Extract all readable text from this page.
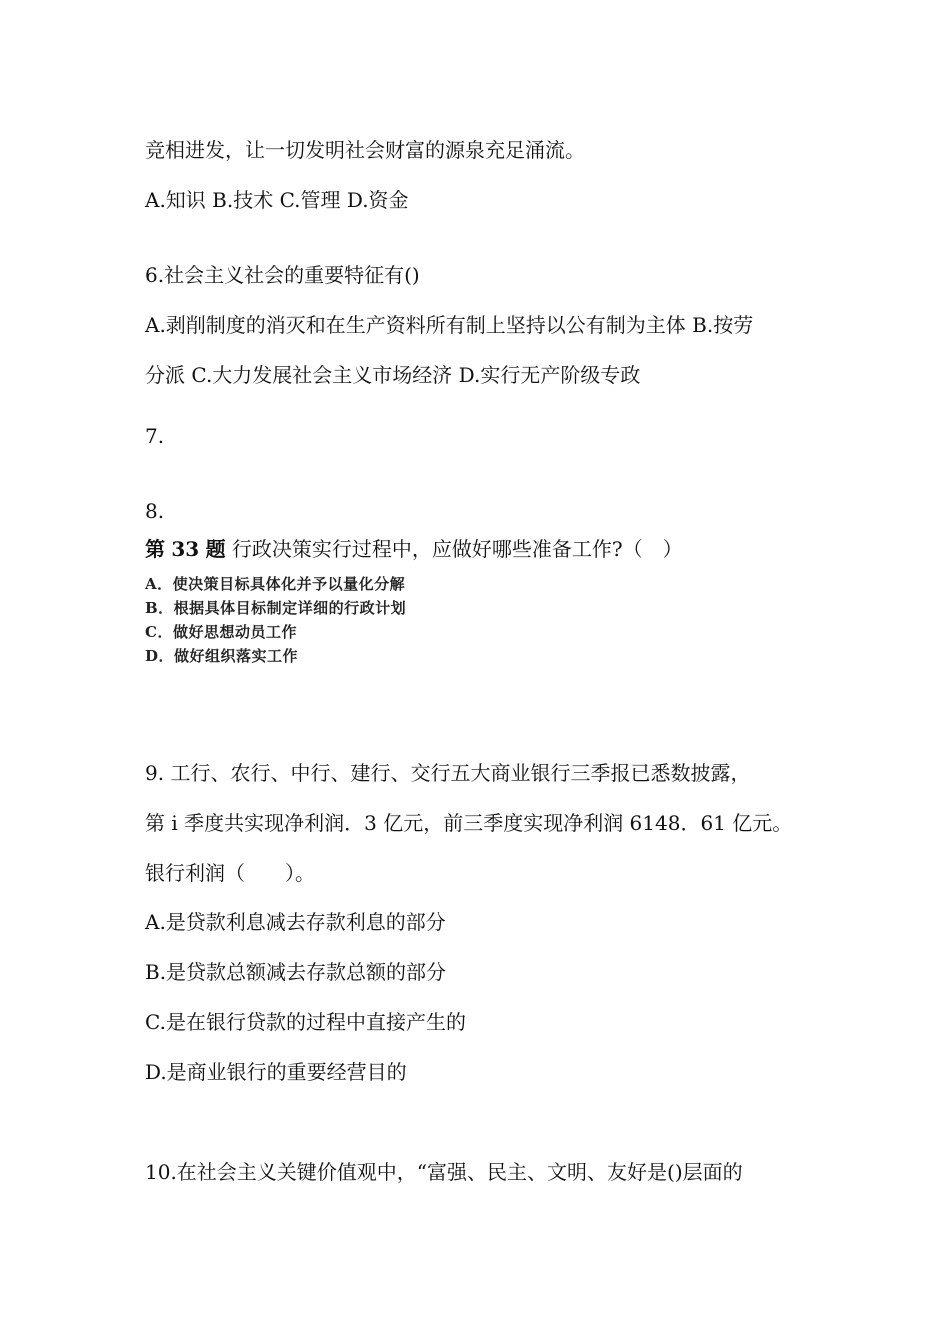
竞相进发，让一切发明社会财富的源泉充足涌流。
A.知识 B.技术 C.管理 D.资金
6.社会主义社会的重要特征有()
A.剥削制度的消灭和在生产资料所有制上坚持以公有制为主体 B.按劳
分派 C.大力发展社会主义市场经济 D.实行无产阶级专政
7.
8.
第 33 题 行政决策实行过程中，应做好哪些准备工作?（　）
A．使决策目标具体化并予以量化分解
B．根据具体目标制定详细的行政计划
C．做好思想动员工作
D．做好组织落实工作
9. 工行、农行、中行、建行、交行五大商业银行三季报已悉数披露，
第 i 季度共实现净利润．3 亿元，前三季度实现净利润 6148．61 亿元。
银行利润（　　）。
A.是贷款利息减去存款利息的部分
B.是贷款总额减去存款总额的部分
C.是在银行贷款的过程中直接产生的
D.是商业银行的重要经营目的
10.在社会主义关键价值观中，“富强、民主、文明、友好是()层面的
